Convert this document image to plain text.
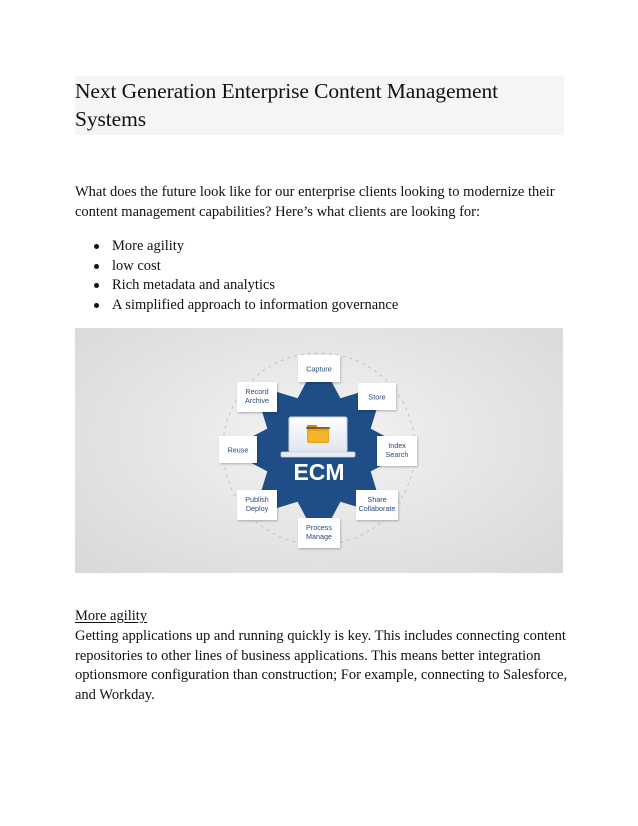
Next Generation Enterprise Content Management Systems

What does the future look like for our enterprise clients looking to modernize their content management capabilities? Here’s what clients are looking for:

More agility
low cost
Rich metadata and analytics
A simplified approach to information governance
ECM
Capture
Store
Index
Search
Share
Collaborate
Process
Manage
Publish
Deploy
Reuse
Record
Archive
More agility

Getting applications up and running quickly is key. This includes connecting content repositories to other lines of business applications. This means better integration optionsmore configuration than construction; For example, connecting to Salesforce, and Workday.
